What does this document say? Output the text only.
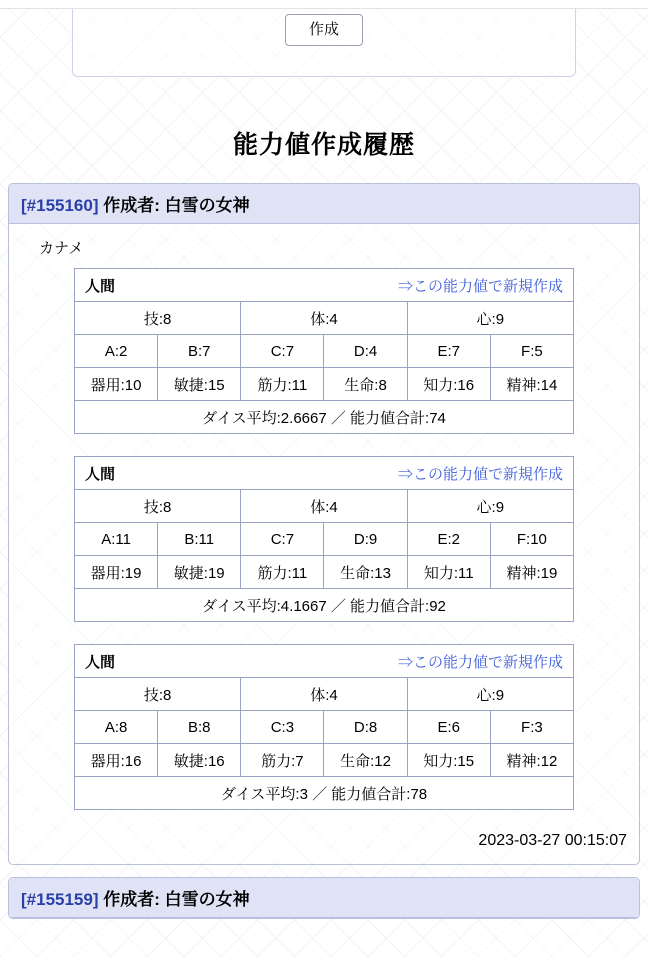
作成
能力値作成履歴
[#155160] 作成者: 白雪の女神
カナメ
人間			⇒この能力値で新規作成		
技:8		体:4		心:9	
A:2	B:7	C:7	D:4	E:7	F:5
器用:10	敏捷:15	筋力:11	生命:8	知力:16	精神:14
ダイス平均:2.6667 ／ 能力値合計:74					
人間			⇒この能力値で新規作成		
技:8		体:4		心:9	
A:11	B:11	C:7	D:9	E:2	F:10
器用:19	敏捷:19	筋力:11	生命:13	知力:11	精神:19
ダイス平均:4.1667 ／ 能力値合計:92					
人間			⇒この能力値で新規作成		
技:8		体:4		心:9	
A:8	B:8	C:3	D:8	E:6	F:3
器用:16	敏捷:16	筋力:7	生命:12	知力:15	精神:12
ダイス平均:3 ／ 能力値合計:78					
2023-03-27 00:15:07
[#155159] 作成者: 白雪の女神
